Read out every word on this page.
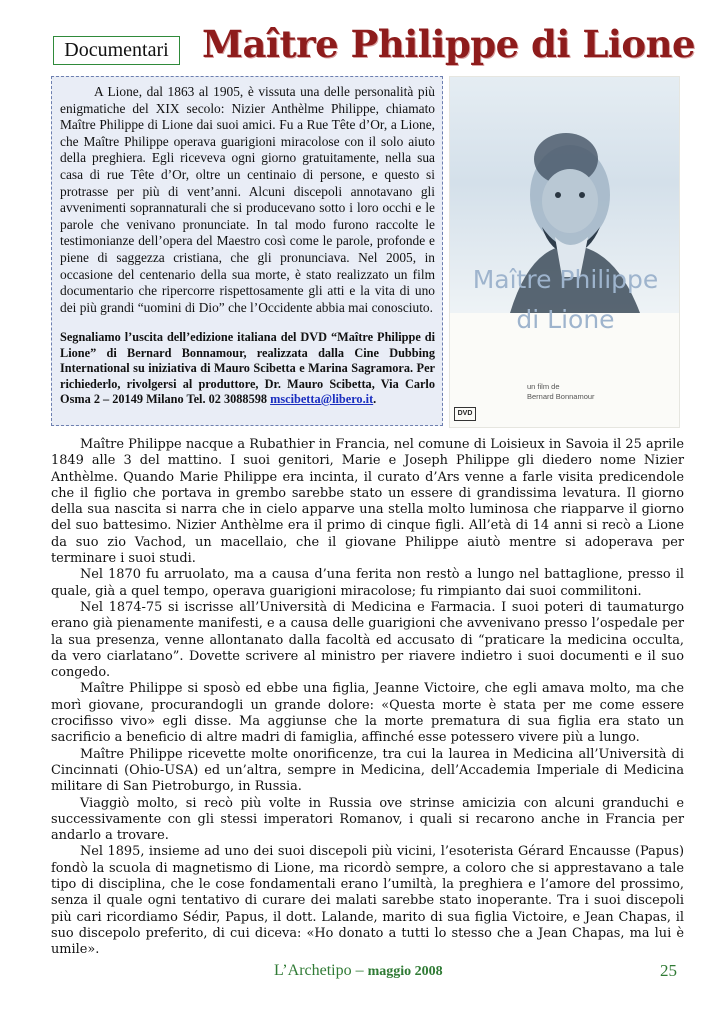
Documentari Maître Philippe di Lione

A Lione, dal 1863 al 1905, è vissuta una delle personalità più enigmatiche del XIX secolo: Nizier Anthèlme Philippe, chiamato Maître Philippe di Lione dai suoi amici. Fu a Rue Tête d’Or, a Lione, che Maître Philippe operava guarigioni miracolose con il solo aiuto della preghiera. Egli riceveva ogni giorno gratuitamente, nella sua casa di rue Tête d’Or, oltre un centinaio di persone, e questo si protrasse per più di vent’anni. Alcuni discepoli annotavano gli avvenimenti soprannaturali che si producevano sotto i loro occhi e le parole che venivano pronunciate. In tal modo furono raccolte le testimonianze dell’opera del Maestro così come le parole, profonde e piene di saggezza cristiana, che gli pronunciava. Nel 2005, in occasione del centenario della sua morte, è stato realizzato un film documentario che ripercorre rispettosamente gli atti e la vita di uno dei più grandi “uomini di Dio” che l’Occidente abbia mai conosciuto.

Segnaliamo l’uscita dell’edizione italiana del DVD “Maître Philippe di Lione” di Bernard Bonnamour, realizzata dalla Cine Dubbing International su iniziativa di Mauro Scibetta e Marina Sagramora. Per richiederlo, rivolgersi al produttore, Dr. Mauro Scibetta, Via Carlo Osma 2 – 20149 Milano Tel. 02 3088598 mscibetta@libero.it.

Maître Philippe
di Lione
un film de
Bernard Bonnamour
DVD

Maître Philippe nacque a Rubathier in Francia, nel comune di Loisieux in Savoia il 25 aprile 1849 alle 3 del mattino. I suoi genitori, Marie e Joseph Philippe gli diedero nome Nizier Anthèlme. Quando Marie Philippe era incinta, il curato d’Ars venne a farle visita predicendole che il figlio che portava in grembo sarebbe stato un essere di grandissima levatura. Il giorno della sua nascita si narra che in cielo apparve una stella molto luminosa che riapparve il giorno del suo battesimo. Nizier Anthèlme era il primo di cinque figli. All’età di 14 anni si recò a Lione da suo zio Vachod, un macellaio, che il giovane Philippe aiutò mentre si adoperava per terminare i suoi studi.

Nel 1870 fu arruolato, ma a causa d’una ferita non restò a lungo nel battaglione, presso il quale, già a quel tempo, operava guarigioni miracolose; fu rimpianto dai suoi commilitoni.

Nel 1874-75 si iscrisse all’Università di Medicina e Farmacia. I suoi poteri di taumaturgo erano già pienamente manifesti, e a causa delle guarigioni che avvenivano presso l’ospedale per la sua presenza, venne allontanato dalla facoltà ed accusato di “praticare la medicina occulta, da vero ciarlatano”. Dovette scrivere al ministro per riavere indietro i suoi documenti e il suo congedo.

Maître Philippe si sposò ed ebbe una figlia, Jeanne Victoire, che egli amava molto, ma che morì giovane, procurandogli un grande dolore: «Questa morte è stata per me come essere crocifisso vivo» egli disse. Ma aggiunse che la morte prematura di sua figlia era stato un sacrificio a beneficio di altre madri di famiglia, affinché esse potessero vivere più a lungo.

Maître Philippe ricevette molte onorificenze, tra cui la laurea in Medicina all’Università di Cincinnati (Ohio-USA) ed un’altra, sempre in Medicina, dell’Accademia Imperiale di Medicina militare di San Pietroburgo, in Russia.

Viaggiò molto, si recò più volte in Russia ove strinse amicizia con alcuni granduchi e successivamente con gli stessi imperatori Romanov, i quali si recarono anche in Francia per andarlo a trovare.

Nel 1895, insieme ad uno dei suoi discepoli più vicini, l’esoterista Gérard Encausse (Papus) fondò la scuola di magnetismo di Lione, ma ricordò sempre, a coloro che si apprestavano a tale tipo di disciplina, che le cose fondamentali erano l’umiltà, la preghiera e l’amore del prossimo, senza il quale ogni tentativo di curare dei malati sarebbe stato inoperante. Tra i suoi discepoli più cari ricordiamo Sédir, Papus, il dott. Lalande, marito di sua figlia Victoire, e Jean Chapas, il suo discepolo preferito, di cui diceva: «Ho donato a tutti lo stesso che a Jean Chapas, ma lui è umile».

L’Archetipo – maggio 2008	25
